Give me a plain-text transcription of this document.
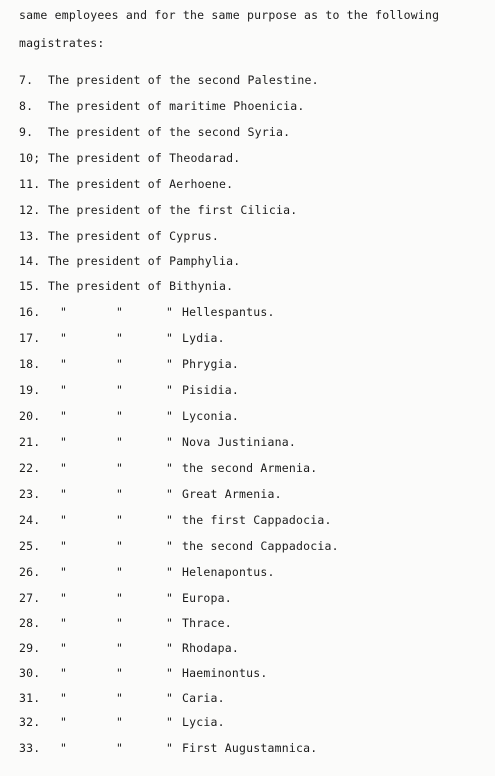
same employees and for the same purpose as to the following
magistrates:
7. The president of the second Palestine.
8. The president of maritime Phoenicia.
9. The president of the second Syria.
10; The president of Theodarad.
11. The president of Aerhoene.
12. The president of the first Cilicia.
13. The president of Cyprus.
14. The president of Pamphylia.
15. The president of Bithynia.
16. "	"	" Hellespantus.
17. "	"	" Lydia.
18. "	"	" Phrygia.
19. "	"	" Pisidia.
20. "	"	" Lyconia.
21. "	"	" Nova Justiniana.
22. "	"	" the second Armenia.
23. "	"	" Great Armenia.
24. "	"	" the first Cappadocia.
25. "	"	" the second Cappadocia.
26. "	"	" Helenapontus.
27. "	"	" Europa.
28. "	"	" Thrace.
29. "	"	" Rhodapa.
30. "	"	" Haeminontus.
31. "	"	" Caria.
32. "	"	" Lycia.
33. "	"	" First Augustamnica.
